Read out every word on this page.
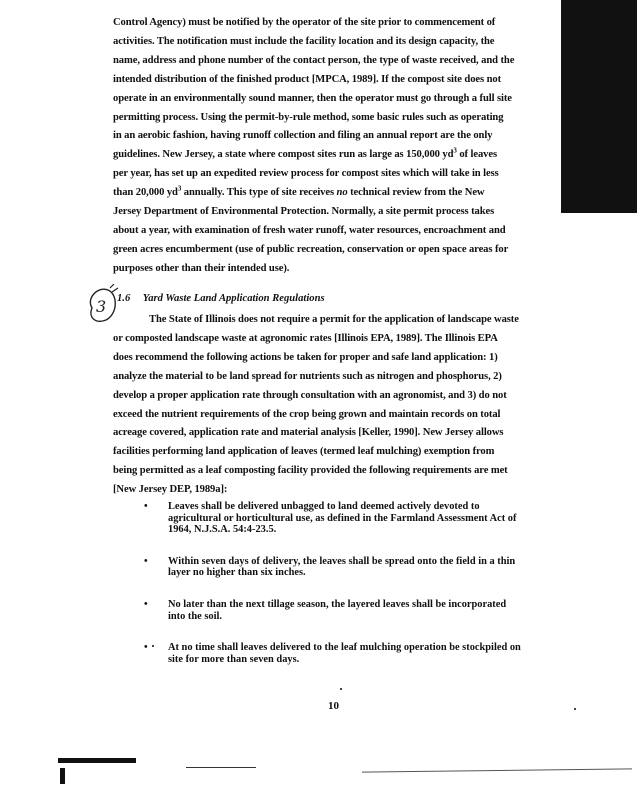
Control Agency) must be notified by the operator of the site prior to commencement of
activities. The notification must include the facility location and its design capacity, the
name, address and phone number of the contact person, the type of waste received, and the
intended distribution of the finished product [MPCA, 1989]. If the compost site does not
operate in an environmentally sound manner, then the operator must go through a full site
permitting process. Using the permit-by-rule method, some basic rules such as operating
in an aerobic fashion, having runoff collection and filing an annual report are the only
guidelines. New Jersey, a state where compost sites run as large as 150,000 $yd^3$ of leaves
per year, has set up an expedited review process for compost sites which will take in less
than 20,000 $yd^3$ annually. This type of site receives no technical review from the New
Jersey Department of Environmental Protection. Normally, a site permit process takes
about a year, with examination of fresh water runoff, water resources, encroachment and
green acres encumberment (use of public recreation, conservation or open space areas for
purposes other than their intended use).

3 1.6 Yard Waste Land Application Regulations

The State of Illinois does not require a permit for the application of landscape waste
or composted landscape waste at agronomic rates [Illinois EPA, 1989]. The Illinois EPA
does recommend the following actions be taken for proper and safe land application: 1)
analyze the material to be land spread for nutrients such as nitrogen and phosphorus, 2)
develop a proper application rate through consultation with an agronomist, and 3) do not
exceed the nutrient requirements of the crop being grown and maintain records on total
acreage covered, application rate and material analysis [Keller, 1990]. New Jersey allows
facilities performing land application of leaves (termed leaf mulching) exemption from
being permitted as a leaf composting facility provided the following requirements are met
[New Jersey DEP, 1989a]:

• Leaves shall be delivered unbagged to land deemed actively devoted to
agricultural or horticultural use, as defined in the Farmland Assessment Act of
1964, N.J.S.A. 54:4-23.5.
• Within seven days of delivery, the leaves shall be spread onto the field in a thin
layer no higher than six inches.
• No later than the next tillage season, the layered leaves shall be incorporated
into the soil.
• At no time shall leaves delivered to the leaf mulching operation be stockpiled on
site for more than seven days.
10
